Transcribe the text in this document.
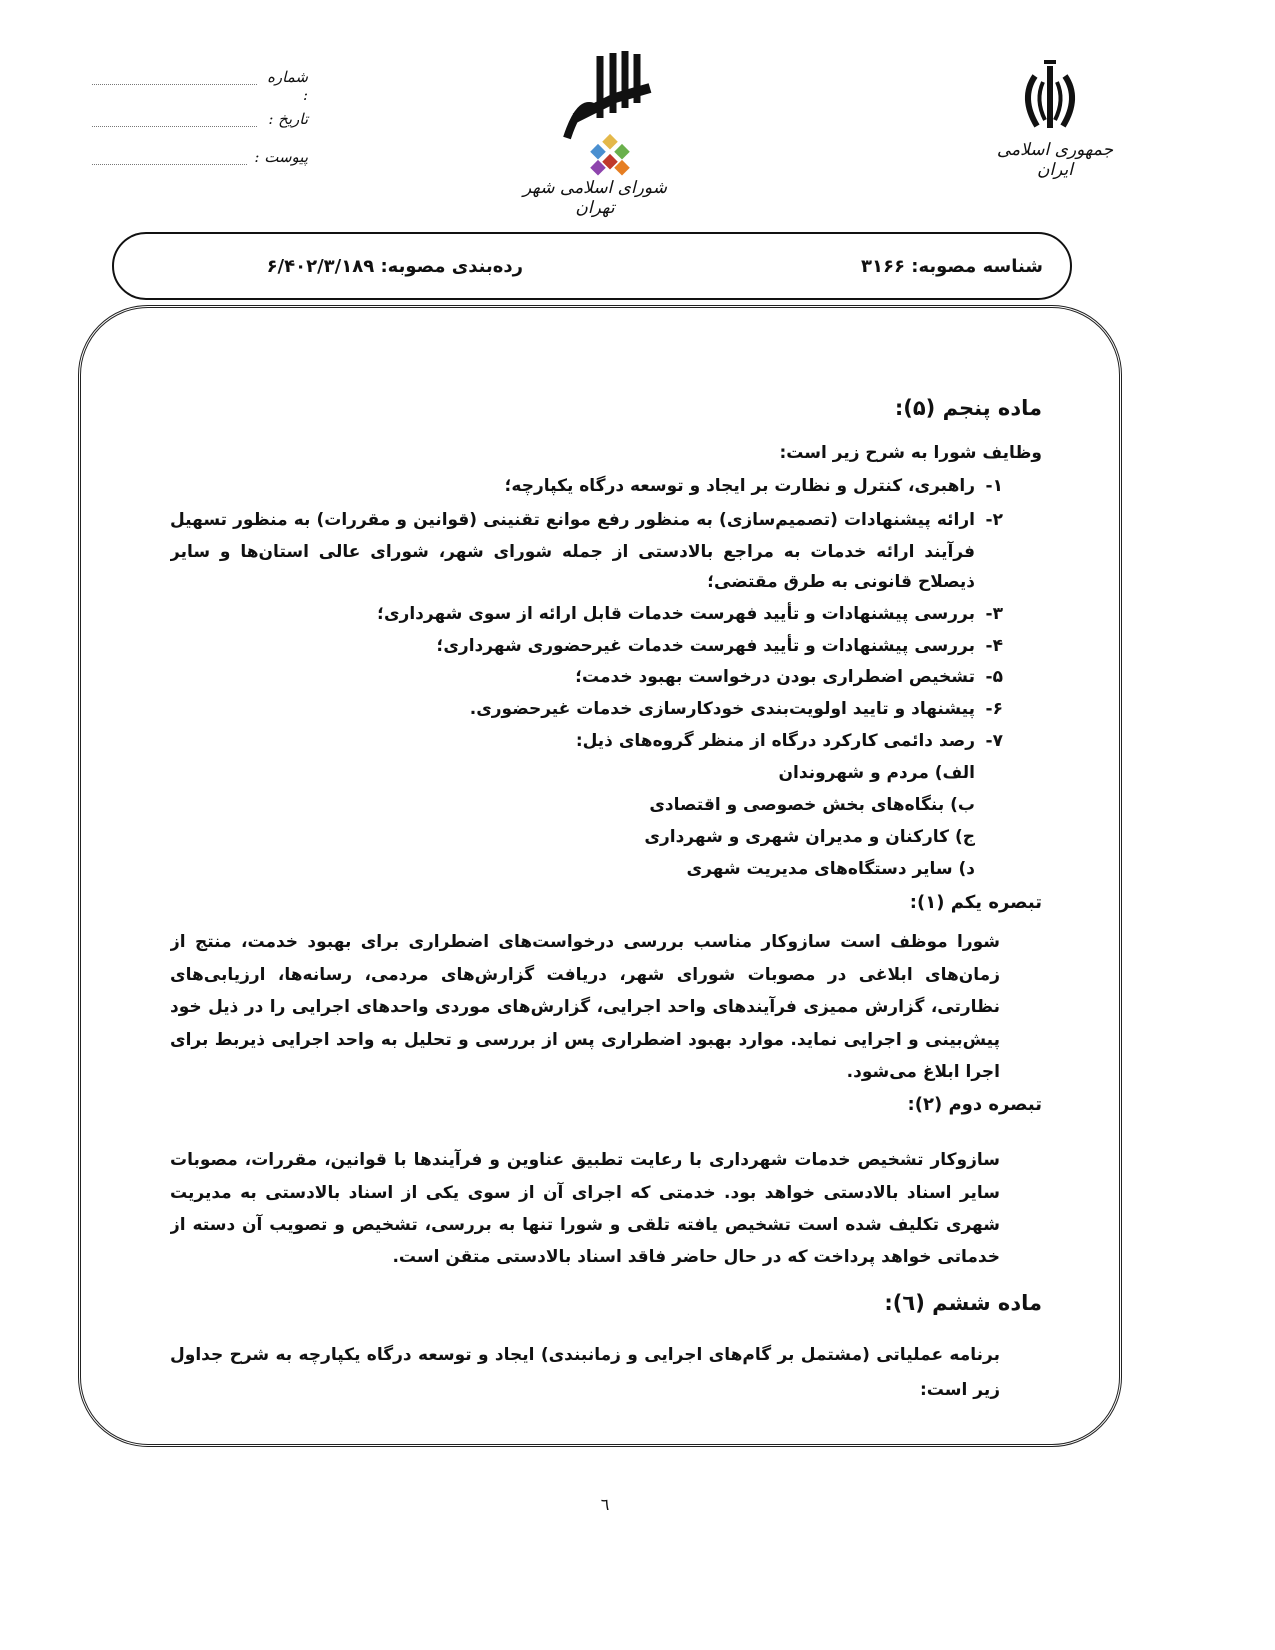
جمهوری اسلامی ایران
شورای اسلامی شهر تهران
شماره :
تاریخ :
پیوست :
شناسه مصوبه: ۳۱۶۶
رده‌بندی مصوبه: ۶/۴۰۲/۳/۱۸۹
ماده پنجم (۵):
وظایف شورا به شرح زیر است:
۱-
راهبری، کنترل و نظارت بر ایجاد و توسعه درگاه یکپارچه؛
۲-
ارائه پیشنهادات (تصمیم‌سازی) به منظور رفع موانع تقنینی (قوانین و مقررات) به منظور تسهیل
فرآیند ارائه خدمات به مراجع بالادستی از جمله شورای شهر، شورای عالی استان‌ها و سایر
ذیصلاح قانونی به طرق مقتضی؛
۳-
بررسی پیشنهادات و تأیید فهرست خدمات قابل ارائه از سوی شهرداری؛
۴-
بررسی پیشنهادات و تأیید فهرست خدمات غیرحضوری شهرداری؛
۵-
تشخیص اضطراری بودن درخواست بهبود خدمت؛
۶-
پیشنهاد و تایید اولویت‌بندی خودکارسازی خدمات غیرحضوری.
۷-
رصد دائمی کارکرد درگاه از منظر گروه‌های ذیل:
الف) مردم و شهروندان
ب) بنگاه‌های بخش خصوصی و اقتصادی
ج) کارکنان و مدیران شهری و شهرداری
د) سایر دستگاه‌های مدیریت شهری
تبصره یکم (۱):
شورا موظف است سازوکار مناسب بررسی درخواست‌های اضطراری برای بهبود خدمت، منتج از
زمان‌های ابلاغی در مصوبات شورای شهر، دریافت گزارش‌های مردمی، رسانه‌ها، ارزیابی‌های
نظارتی، گزارش ممیزی فرآیندهای واحد اجرایی، گزارش‌های موردی واحدهای اجرایی را در ذیل خود
پیش‌بینی و اجرایی نماید. موارد بهبود اضطراری پس از بررسی و تحلیل به واحد اجرایی ذیربط برای
اجرا ابلاغ می‌شود.
تبصره دوم (۲):
سازوکار تشخیص خدمات شهرداری با رعایت تطبیق عناوین و فرآیندها با قوانین، مقررات، مصوبات
سایر اسناد بالادستی خواهد بود. خدمتی که اجرای آن از سوی یکی از اسناد بالادستی به مدیریت
شهری تکلیف شده است تشخیص یافته تلقی و شورا تنها به بررسی، تشخیص و تصویب آن دسته از
خدماتی خواهد پرداخت که در حال حاضر فاقد اسناد بالادستی متقن است.
ماده ششم (٦):
برنامه عملیاتی (مشتمل بر گام‌های اجرایی و زمانبندی) ایجاد و توسعه درگاه یکپارچه به شرح جداول
زیر است:
٦
